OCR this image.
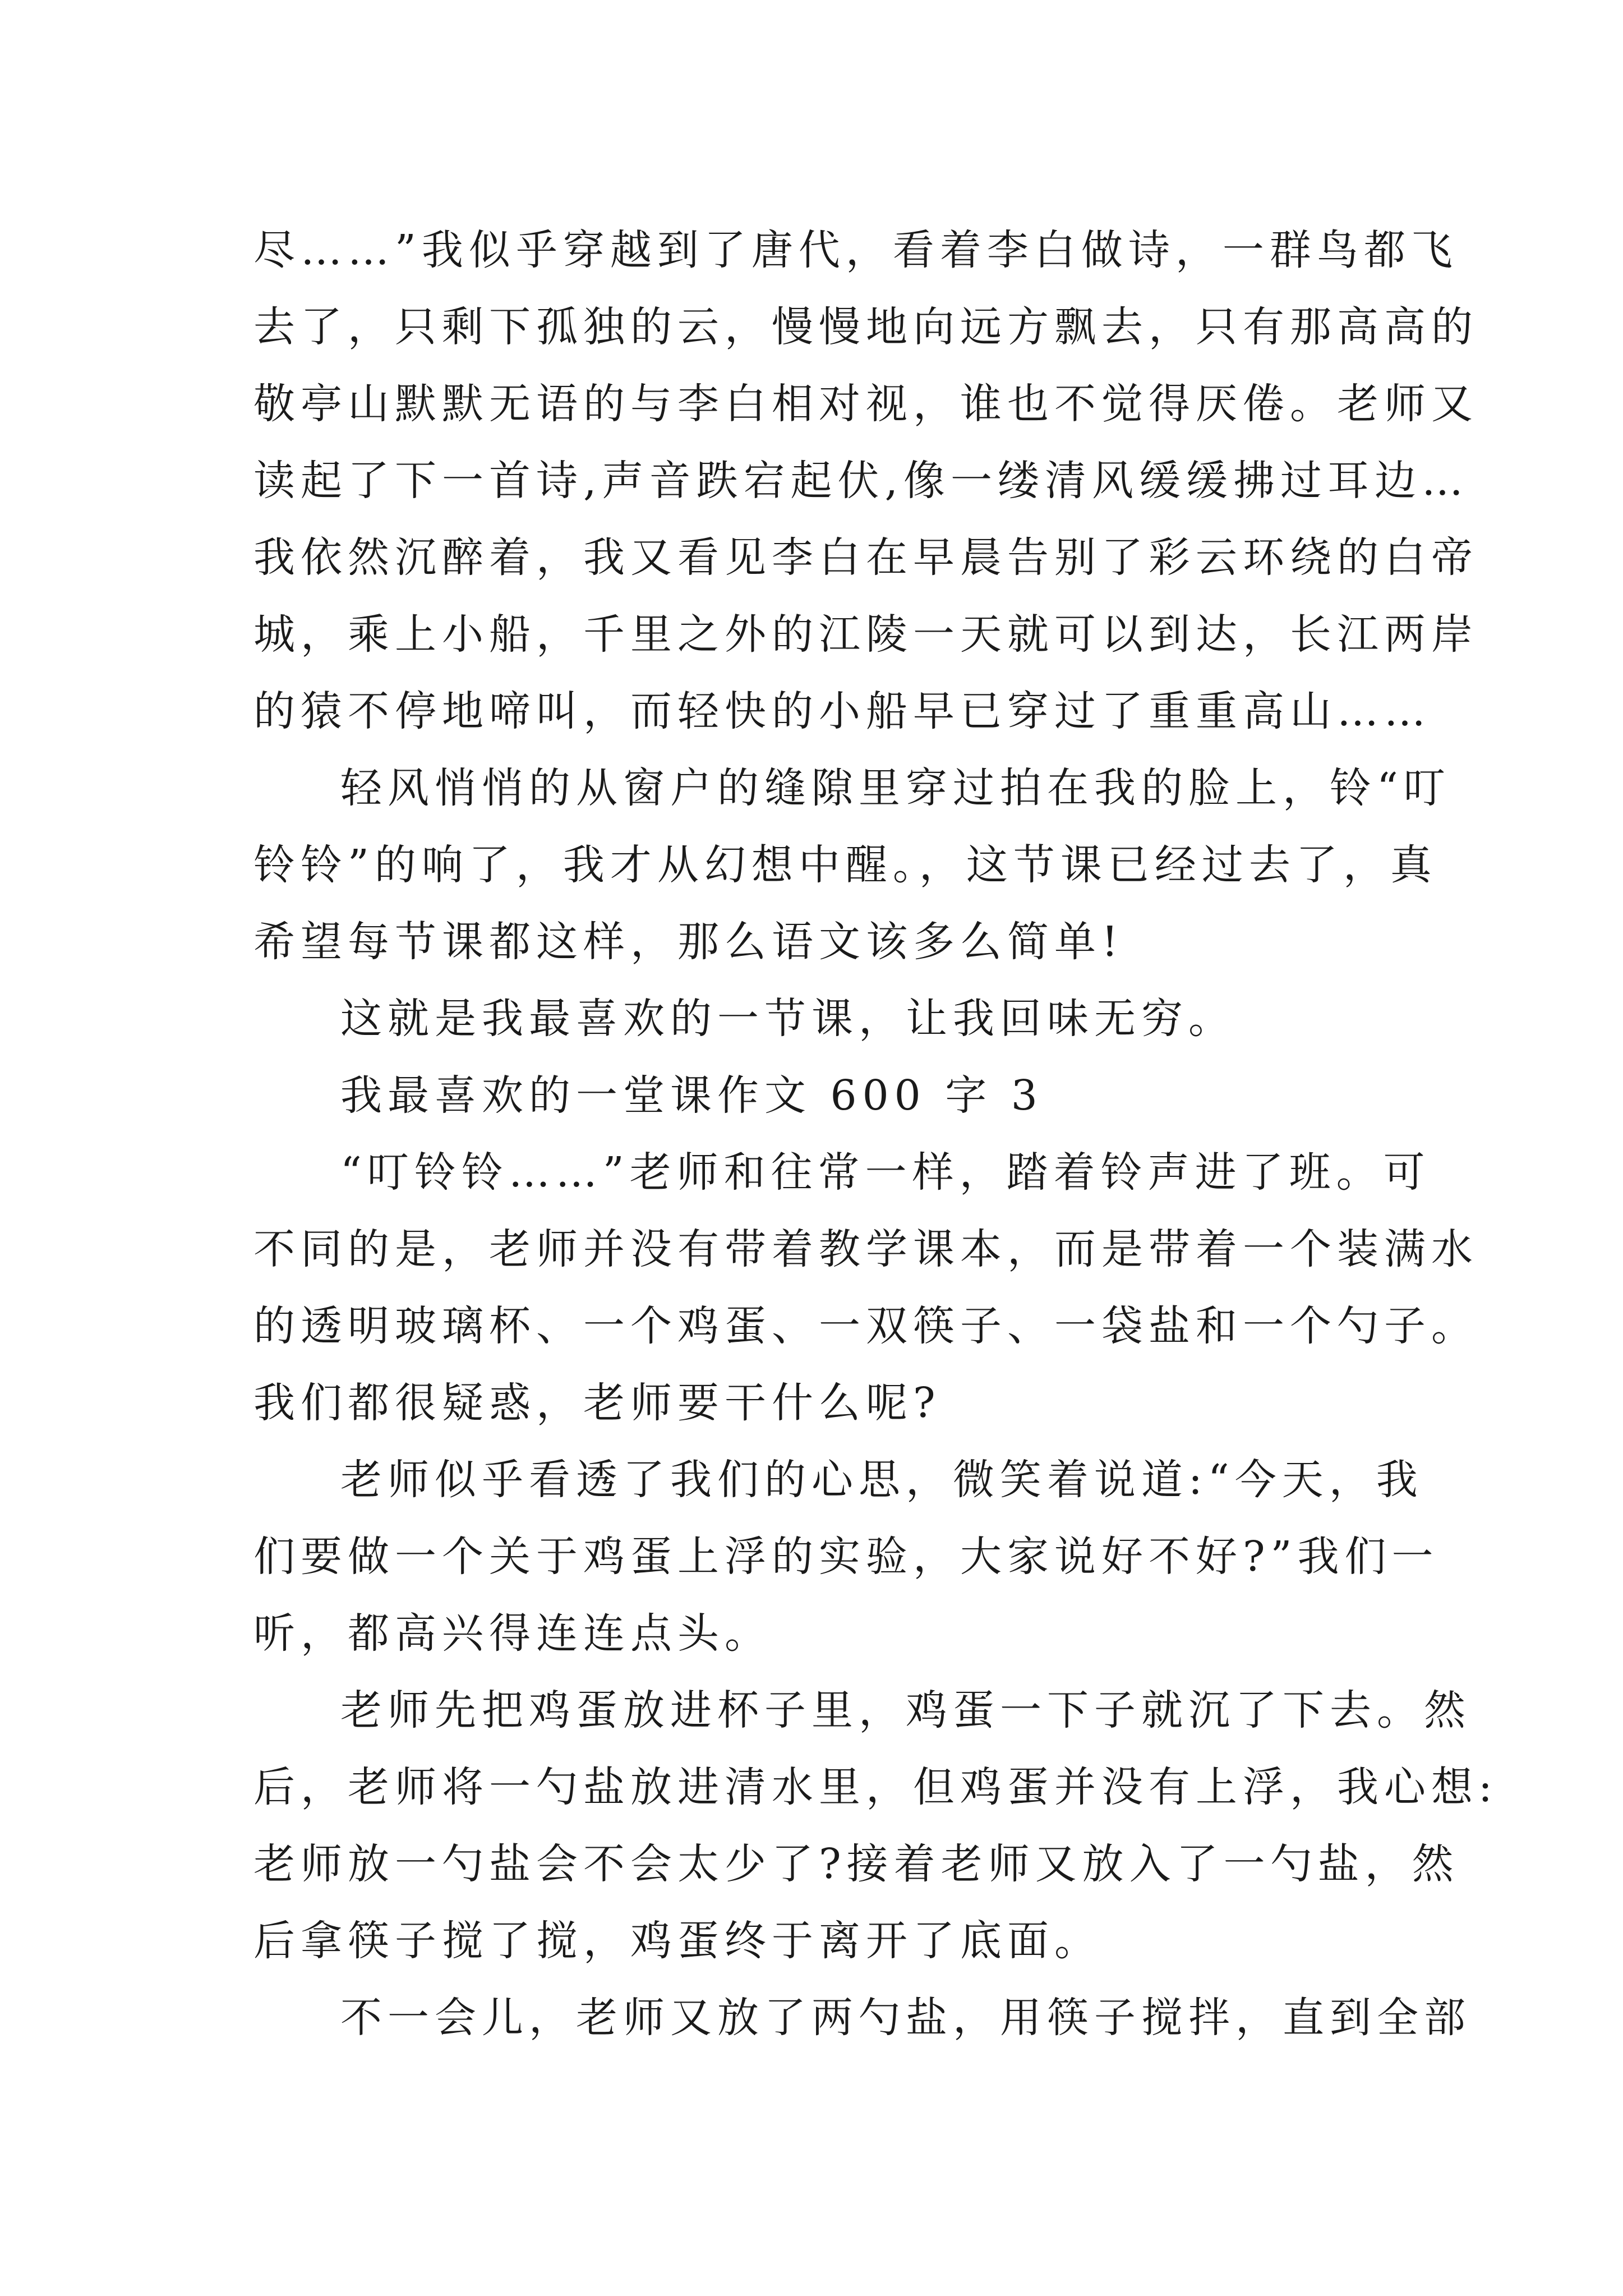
尽……”我似乎穿越到了唐代，看着李白做诗，一群鸟都飞
去了，只剩下孤独的云，慢慢地向远方飘去，只有那高高的
敬亭山默默无语的与李白相对视，谁也不觉得厌倦。老师又
读起了下一首诗,声音跌宕起伏,像一缕清风缓缓拂过耳边…
我依然沉醉着，我又看见李白在早晨告别了彩云环绕的白帝
城，乘上小船，千里之外的江陵一天就可以到达，长江两岸
的猿不停地啼叫，而轻快的小船早已穿过了重重高山……
轻风悄悄的从窗户的缝隙里穿过拍在我的脸上，铃“叮
铃铃”的响了，我才从幻想中醒。，这节课已经过去了，真
希望每节课都这样，那么语文该多么简单!
这就是我最喜欢的一节课，让我回味无穷。
我最喜欢的一堂课作文 600 字 3
“叮铃铃……”老师和往常一样，踏着铃声进了班。可
不同的是，老师并没有带着教学课本，而是带着一个装满水
的透明玻璃杯、一个鸡蛋、一双筷子、一袋盐和一个勺子。
我们都很疑惑，老师要干什么呢?
老师似乎看透了我们的心思，微笑着说道:“今天，我
们要做一个关于鸡蛋上浮的实验，大家说好不好?”我们一
听，都高兴得连连点头。
老师先把鸡蛋放进杯子里，鸡蛋一下子就沉了下去。然
后，老师将一勺盐放进清水里，但鸡蛋并没有上浮，我心想:
老师放一勺盐会不会太少了?接着老师又放入了一勺盐，然
后拿筷子搅了搅，鸡蛋终于离开了底面。
不一会儿，老师又放了两勺盐，用筷子搅拌，直到全部
